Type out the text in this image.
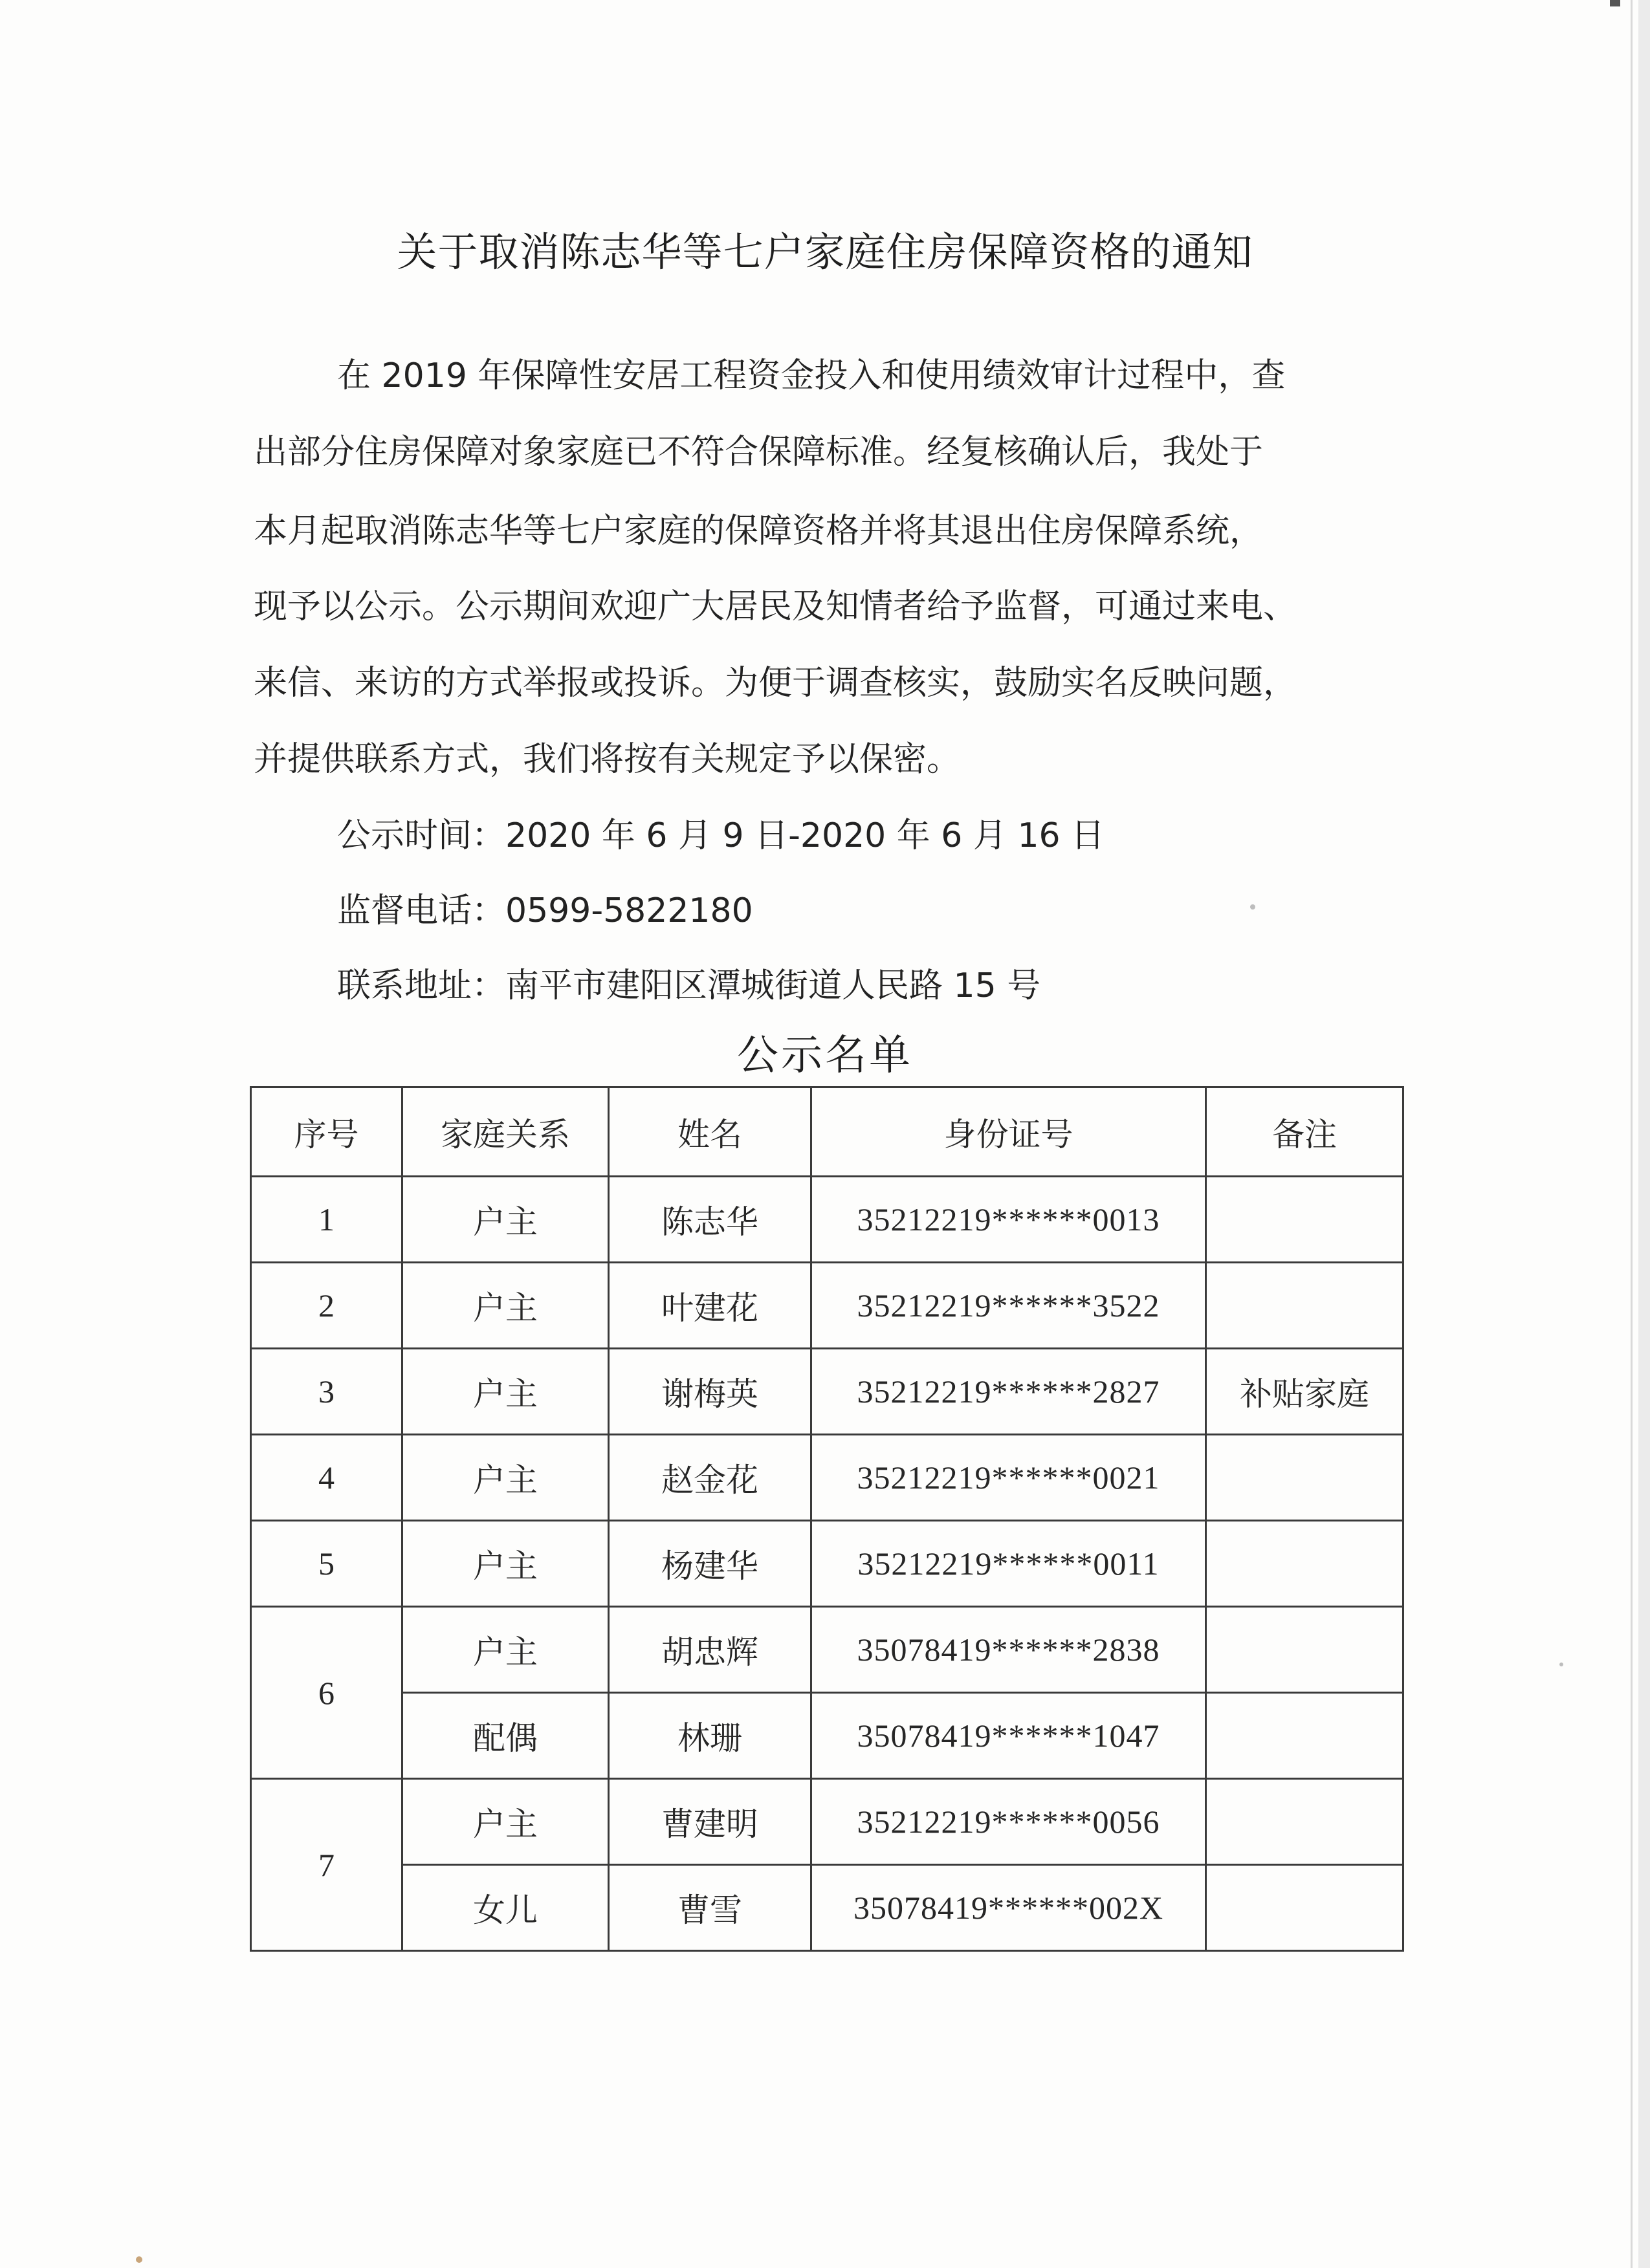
关于取消陈志华等七户家庭住房保障资格的通知
在 2019 年保障性安居工程资金投入和使用绩效审计过程中，查
出部分住房保障对象家庭已不符合保障标准。经复核确认后，我处于
本月起取消陈志华等七户家庭的保障资格并将其退出住房保障系统，
现予以公示。公示期间欢迎广大居民及知情者给予监督，可通过来电、
来信、来访的方式举报或投诉。为便于调查核实，鼓励实名反映问题，
并提供联系方式，我们将按有关规定予以保密。
公示时间：2020 年 6 月 9 日-2020 年 6 月 16 日
监督电话：0599-5822180
联系地址：南平市建阳区潭城街道人民路 15 号
公示名单
序号	家庭关系	姓名	身份证号	备注
1	户主	陈志华	35212219******0013	
2	户主	叶建花	35212219******3522	
3	户主	谢梅英	35212219******2827	补贴家庭
4	户主	赵金花	35212219******0021	
5	户主	杨建华	35212219******0011	
6	户主	胡忠辉	35078419******2838	
	配偶	林珊	35078419******1047	
7	户主	曹建明	35212219******0056	
	女儿	曹雪	35078419******002X	
